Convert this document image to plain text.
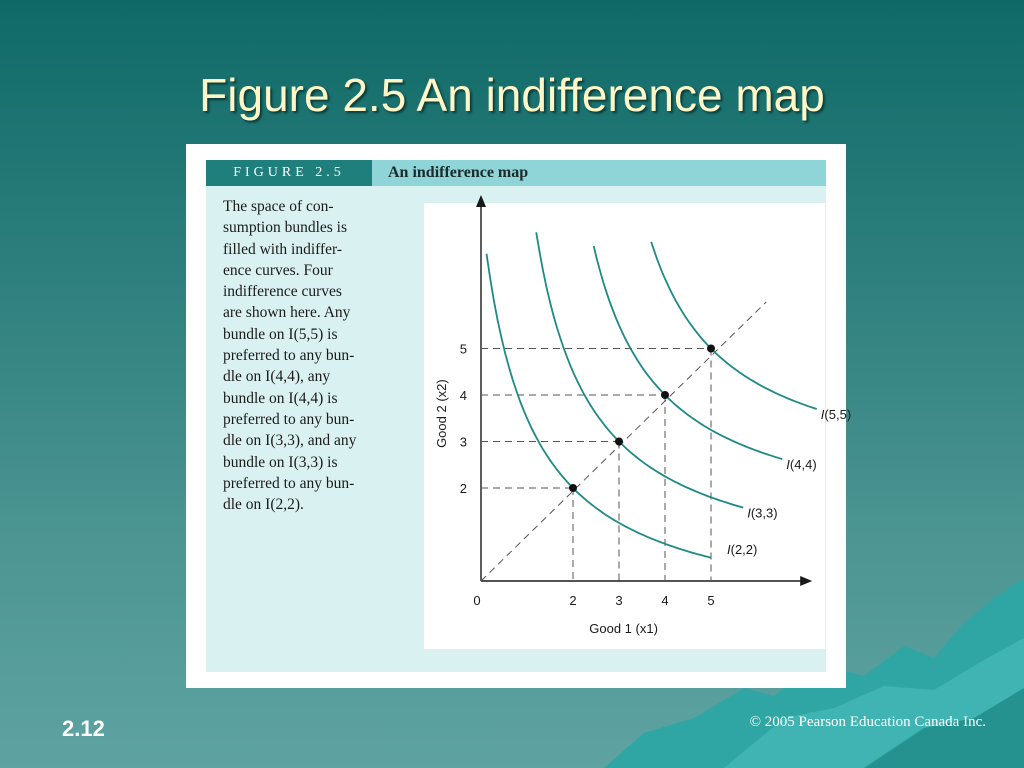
Figure 2.5 An indifference map
FIGURE 2.5	An indifference map
The space of con-
sumption bundles is
filled with indiffer-
ence curves. Four
indifference curves
are shown here. Any
bundle on I(5,5) is
preferred to any bun-
dle on I(4,4), any
bundle on I(4,4) is
preferred to any bun-
dle on I(3,3), and any
bundle on I(3,3) is
preferred to any bun-
dle on I(2,2).
I(2,2)
I(3,3)
I(4,4)
I(5,5)
0	2	3	4	5
2
3
4
5
Good 1 (x1)
Good 2 (x2)
2.12	© 2005 Pearson Education Canada Inc.
